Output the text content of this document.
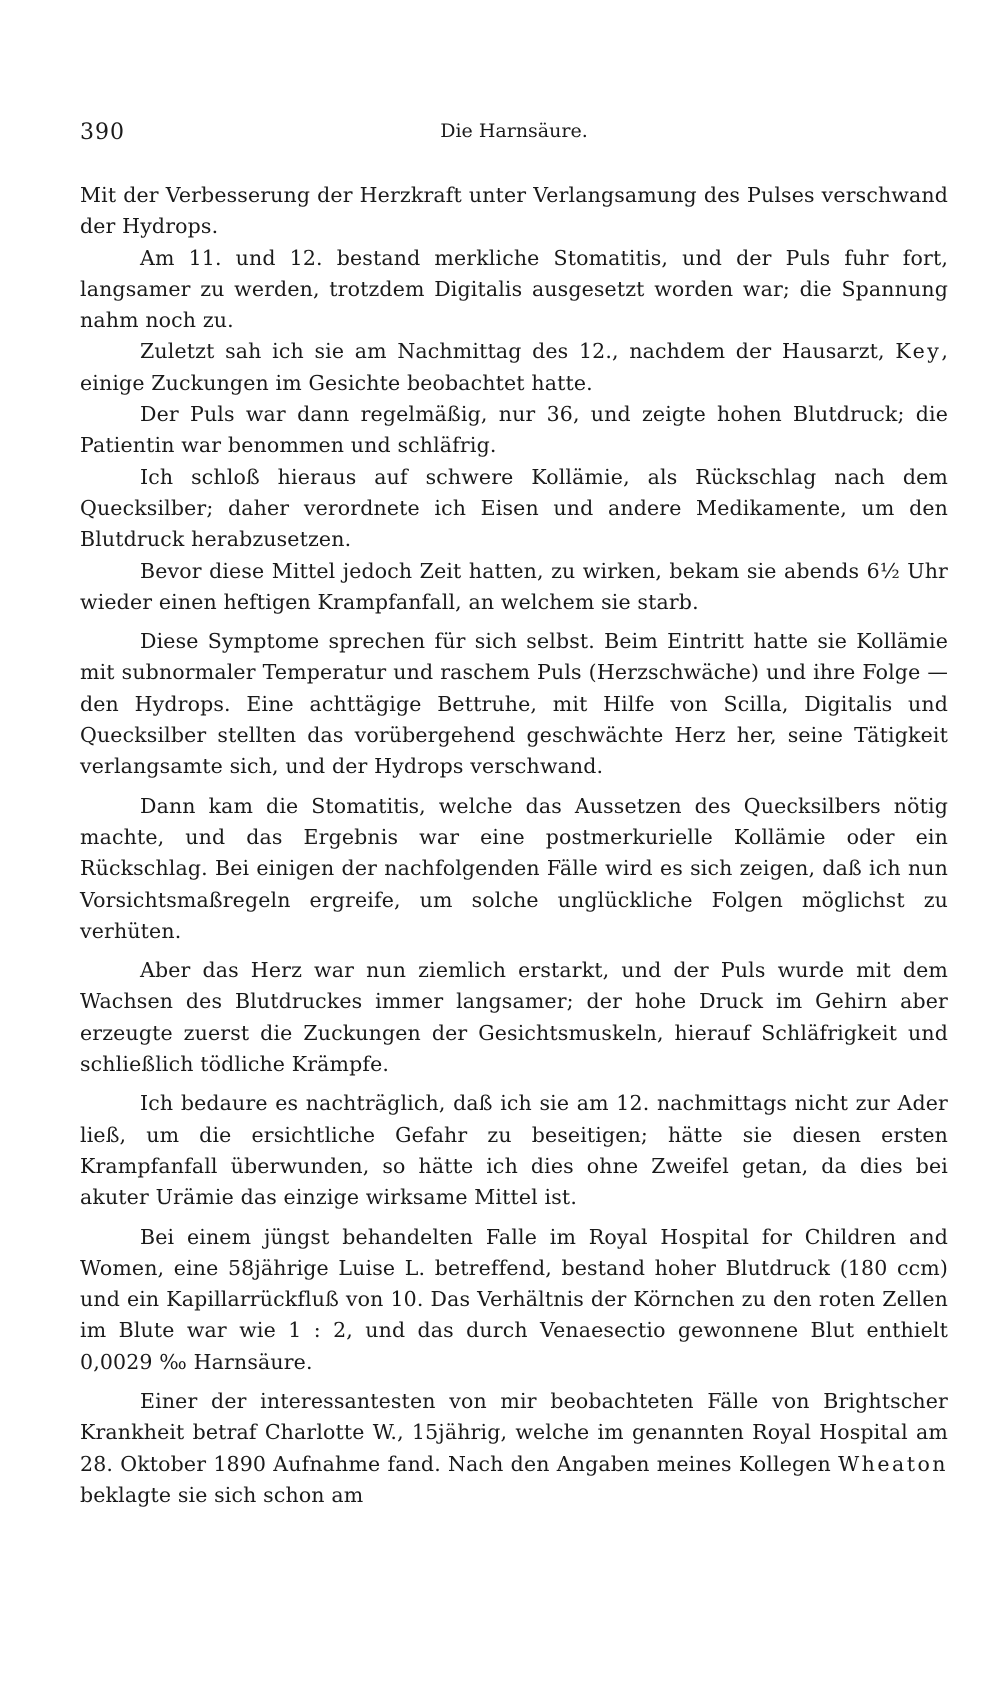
390	Die Harnsäure.

Mit der Verbesserung der Herzkraft unter Verlangsamung des Pulses verschwand der Hydrops.

Am 11. und 12. bestand merkliche Stomatitis, und der Puls fuhr fort, langsamer zu werden, trotzdem Digitalis ausgesetzt worden war; die Spannung nahm noch zu.

Zuletzt sah ich sie am Nachmittag des 12., nachdem der Hausarzt, Key, einige Zuckungen im Gesichte beobachtet hatte.

Der Puls war dann regelmäßig, nur 36, und zeigte hohen Blutdruck; die Patientin war benommen und schläfrig.

Ich schloß hieraus auf schwere Kollämie, als Rückschlag nach dem Quecksilber; daher verordnete ich Eisen und andere Medikamente, um den Blutdruck herabzusetzen.

Bevor diese Mittel jedoch Zeit hatten, zu wirken, bekam sie abends 6½ Uhr wieder einen heftigen Krampfanfall, an welchem sie starb.

Diese Symptome sprechen für sich selbst. Beim Eintritt hatte sie Kollämie mit subnormaler Temperatur und raschem Puls (Herzschwäche) und ihre Folge — den Hydrops. Eine achttägige Bettruhe, mit Hilfe von Scilla, Digitalis und Quecksilber stellten das vorübergehend geschwächte Herz her, seine Tätigkeit verlangsamte sich, und der Hydrops verschwand.

Dann kam die Stomatitis, welche das Aussetzen des Quecksilbers nötig machte, und das Ergebnis war eine postmerkurielle Kollämie oder ein Rückschlag. Bei einigen der nachfolgenden Fälle wird es sich zeigen, daß ich nun Vorsichtsmaßregeln ergreife, um solche unglückliche Folgen möglichst zu verhüten.

Aber das Herz war nun ziemlich erstarkt, und der Puls wurde mit dem Wachsen des Blutdruckes immer langsamer; der hohe Druck im Gehirn aber erzeugte zuerst die Zuckungen der Gesichtsmuskeln, hierauf Schläfrigkeit und schließlich tödliche Krämpfe.

Ich bedaure es nachträglich, daß ich sie am 12. nachmittags nicht zur Ader ließ, um die ersichtliche Gefahr zu beseitigen; hätte sie diesen ersten Krampfanfall überwunden, so hätte ich dies ohne Zweifel getan, da dies bei akuter Urämie das einzige wirksame Mittel ist.

Bei einem jüngst behandelten Falle im Royal Hospital for Children and Women, eine 58jährige Luise L. betreffend, bestand hoher Blutdruck (180 ccm) und ein Kapillarrückfluß von 10. Das Verhältnis der Körnchen zu den roten Zellen im Blute war wie 1 : 2, und das durch Venaesectio gewonnene Blut enthielt 0,0029 ‰ Harnsäure.

Einer der interessantesten von mir beobachteten Fälle von Brightscher Krankheit betraf Charlotte W., 15jährig, welche im genannten Royal Hospital am 28. Oktober 1890 Aufnahme fand. Nach den Angaben meines Kollegen Wheaton beklagte sie sich schon am
